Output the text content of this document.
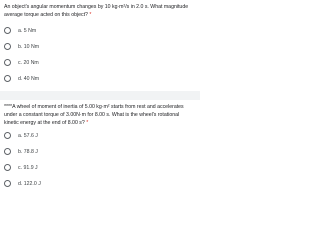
An object's angular momentum changes by 10 kg·m²/s in 2.0 s. What magnitude average torque acted on this object? *
a. 5 Nm
b. 10 Nm
c. 20 Nm
d. 40 Nm
****A wheel of moment of inertia of 5.00 kg·m² starts from rest and accelerates under a constant torque of 3.00N·m for 8.00 s. What is the wheel's rotational kinetic energy at the end of 8.00 s? *
a. 57.6 J
b. 78.8 J
c. 91.9 J
d. 122.0 J
